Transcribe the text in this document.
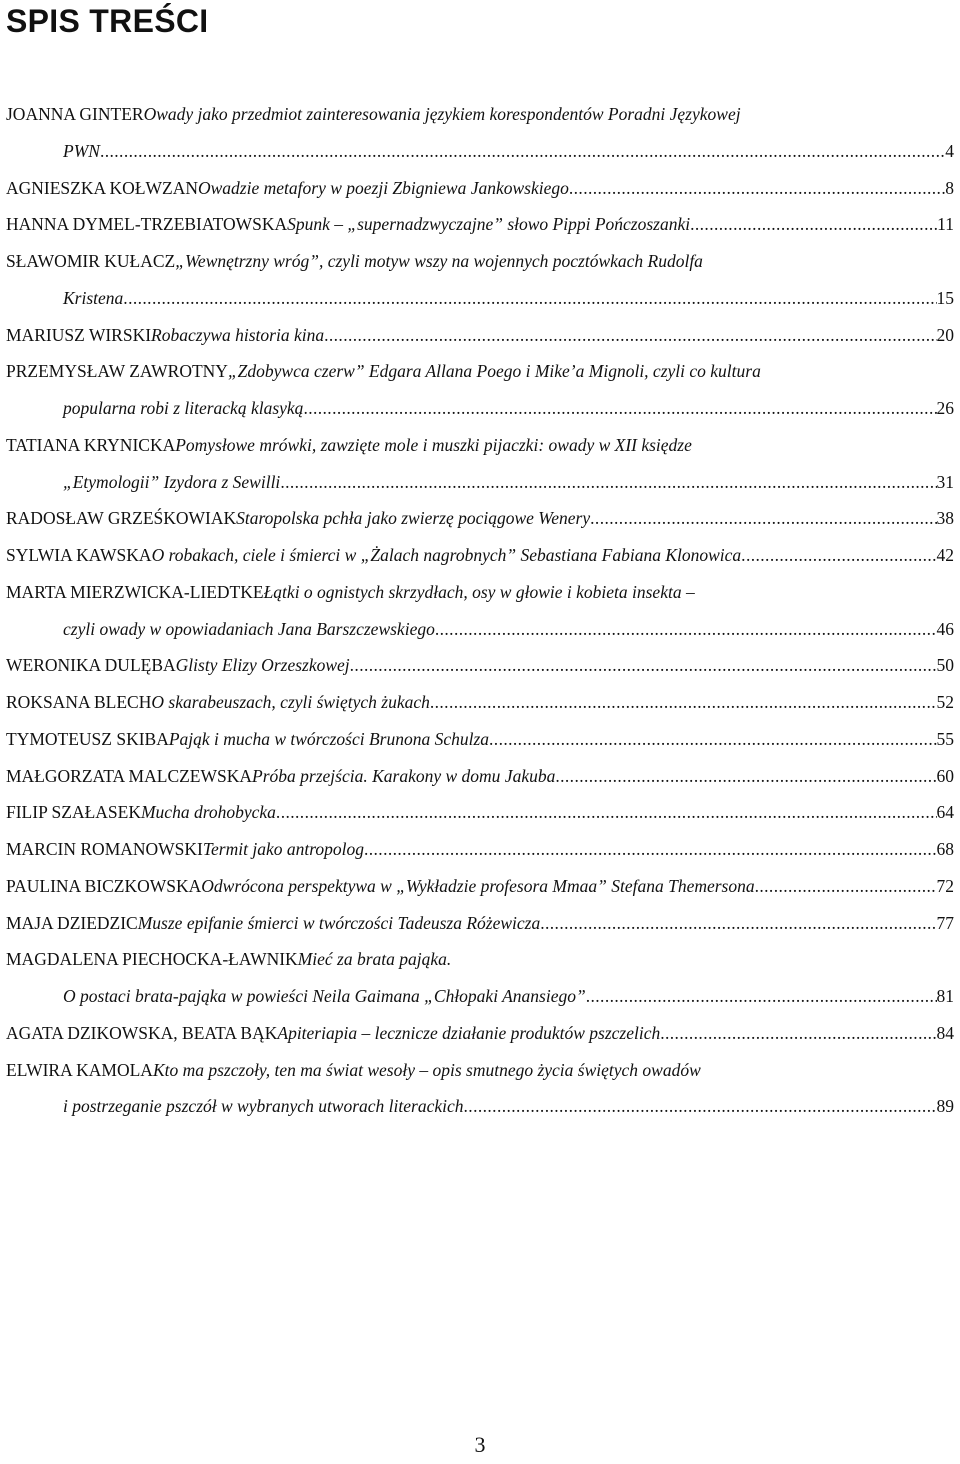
SPIS TREŚCI
JOANNA GINTER Owady jako przedmiot zainteresowania językiem korespondentów Poradni Językowej
PWN .....	4
AGNIESZKA KOŁWZAN Owadzie metafory w poezji Zbigniewa Jankowskiego .....	8
HANNA DYMEL-TRZEBIATOWSKA Spunk – „supernadzwyczajne” słowo Pippi Pończoszanki .....	11
SŁAWOMIR KUŁACZ „Wewnętrzny wróg”, czyli motyw wszy na wojennych pocztówkach Rudolfa
Kristena .....	15
MARIUSZ WIRSKI Robaczywa historia kina .....	20
PRZEMYSŁAW ZAWROTNY „Zdobywca czerw” Edgara Allana Poego i Mike’a Mignoli, czyli co kultura
popularna robi z literacką klasyką .....	26
TATIANA KRYNICKA Pomysłowe mrówki, zawzięte mole i muszki pijaczki: owady w XII księdze
„Etymologii” Izydora z Sewilli .....	31
RADOSŁAW GRZEŚKOWIAK Staropolska pchła jako zwierzę pociągowe Wenery .....	38
SYLWIA KAWSKA O robakach, ciele i śmierci w „Żalach nagrobnych” Sebastiana Fabiana Klonowica .....	42
MARTA MIERZWICKA-LIEDTKE Łątki o ognistych skrzydłach, osy w głowie i kobieta insekta –
czyli owady w opowiadaniach Jana Barszczewskiego .....	46
WERONIKA DULĘBA Glisty Elizy Orzeszkowej .....	50
ROKSANA BLECH O skarabeuszach, czyli świętych żukach .....	52
TYMOTEUSZ SKIBA Pająk i mucha w twórczości Brunona Schulza .....	55
MAŁGORZATA MALCZEWSKA Próba przejścia. Karakony w domu Jakuba .....	60
FILIP SZAŁASEK Mucha drohobycka .....	64
MARCIN ROMANOWSKI Termit jako antropolog .....	68
PAULINA BICZKOWSKA Odwrócona perspektywa w „Wykładzie profesora Mmaa” Stefana Themersona .....	72
MAJA DZIEDZIC Musze epifanie śmierci w twórczości Tadeusza Różewicza .....	77
MAGDALENA PIECHOCKA-ŁAWNIK Mieć za brata pająka.
O postaci brata-pająka w powieści Neila Gaimana „Chłopaki Anansiego” .....	81
AGATA DZIKOWSKA, BEATA BĄK Apiteriapia – lecznicze działanie produktów pszczelich .....	84
ELWIRA KAMOLA Kto ma pszczoły, ten ma świat wesoły – opis smutnego życia świętych owadów
i postrzeganie pszczół w wybranych utworach literackich .....	89
3
